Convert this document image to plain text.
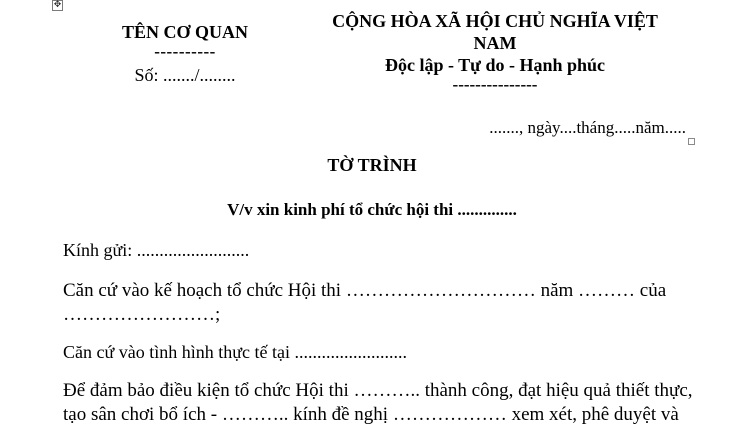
✥
TÊN CƠ QUAN
----------
Số: ......./........
CỘNG HÒA XÃ HỘI CHỦ NGHĨA VIỆT NAM
Độc lập - Tự do - Hạnh phúc
---------------
......., ngày....tháng.....năm.....
TỜ TRÌNH
V/v xin kinh phí tổ chức hội thi ..............
Kính gửi: .........................
Căn cứ vào kế hoạch tổ chức Hội thi ………………………… năm ……… của ……………………;
Căn cứ vào tình hình thực tế tại .........................
Để đảm bảo điều kiện tổ chức Hội thi ……….. thành công, đạt hiệu quả thiết thực, tạo sân chơi bổ ích - ……….. kính đề nghị ……………… xem xét, phê duyệt và
